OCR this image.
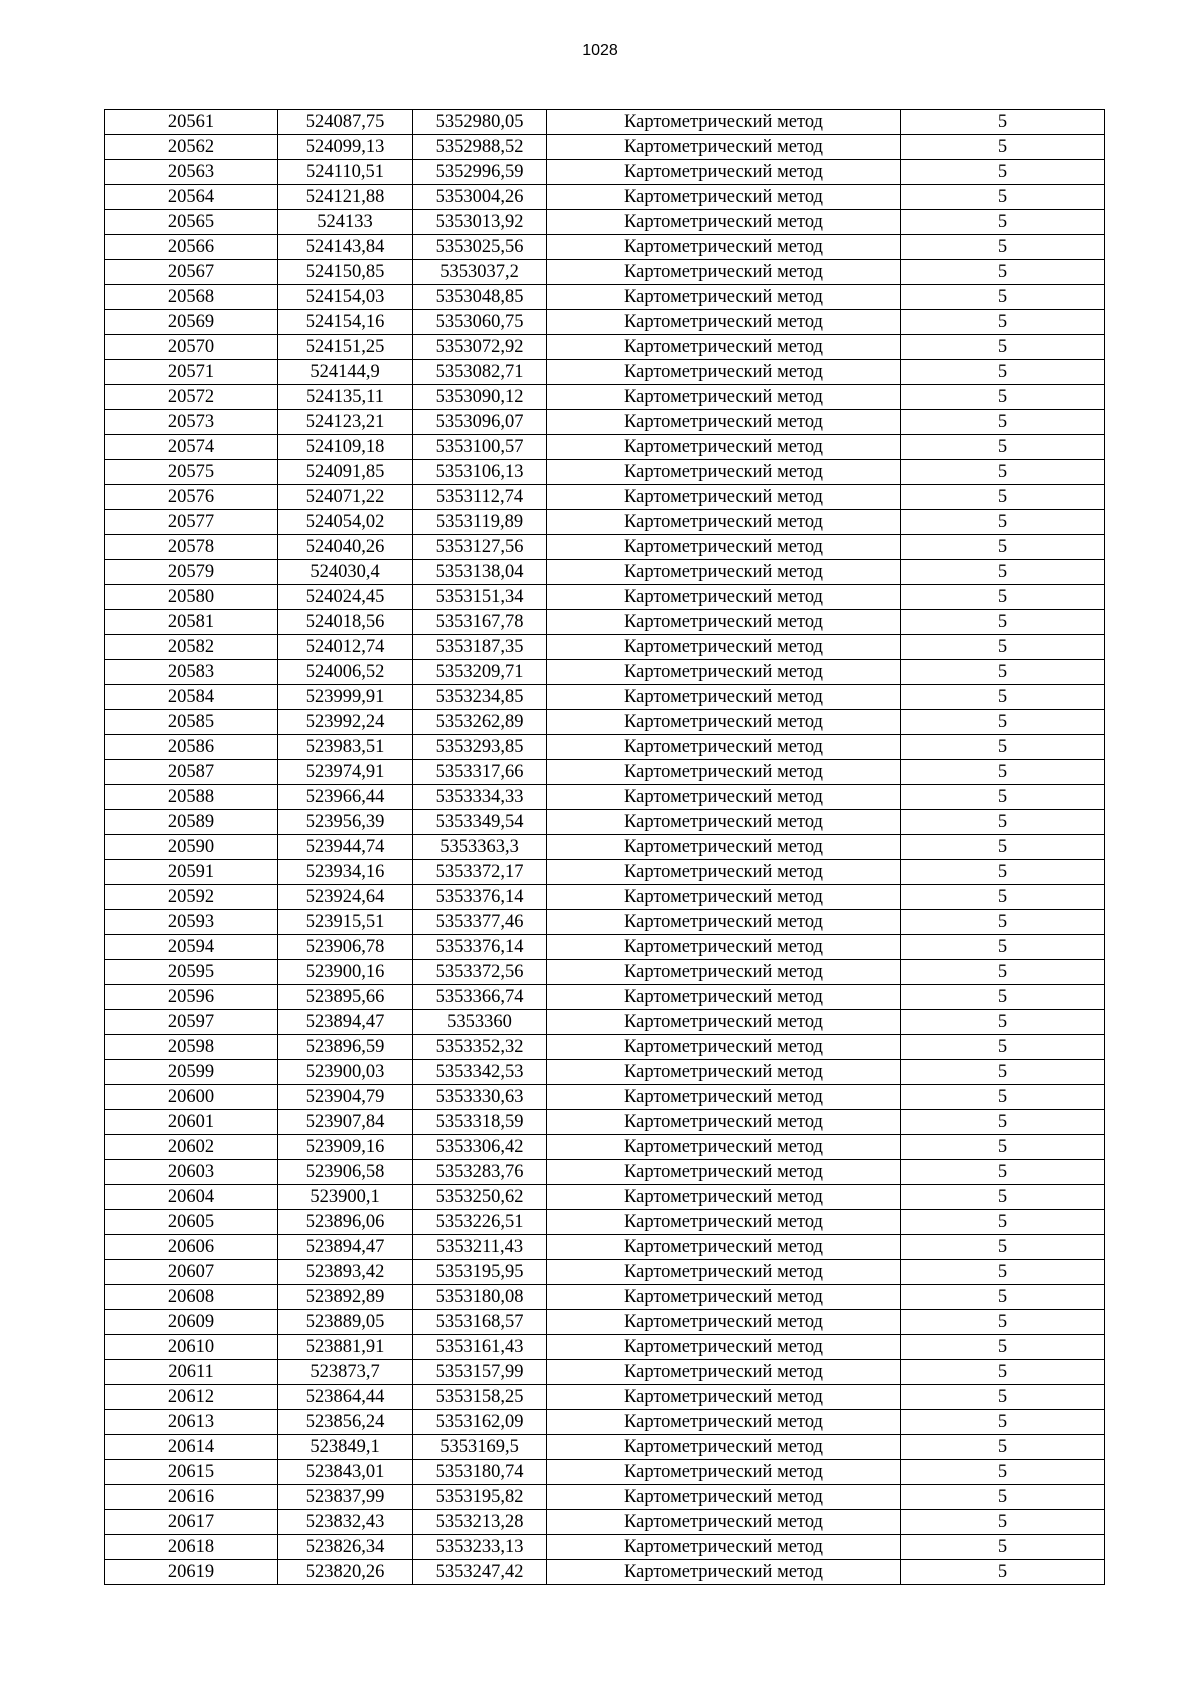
1028
20561	524087,75	5352980,05	Картометрический метод	5
20562	524099,13	5352988,52	Картометрический метод	5
20563	524110,51	5352996,59	Картометрический метод	5
20564	524121,88	5353004,26	Картометрический метод	5
20565	524133	5353013,92	Картометрический метод	5
20566	524143,84	5353025,56	Картометрический метод	5
20567	524150,85	5353037,2	Картометрический метод	5
20568	524154,03	5353048,85	Картометрический метод	5
20569	524154,16	5353060,75	Картометрический метод	5
20570	524151,25	5353072,92	Картометрический метод	5
20571	524144,9	5353082,71	Картометрический метод	5
20572	524135,11	5353090,12	Картометрический метод	5
20573	524123,21	5353096,07	Картометрический метод	5
20574	524109,18	5353100,57	Картометрический метод	5
20575	524091,85	5353106,13	Картометрический метод	5
20576	524071,22	5353112,74	Картометрический метод	5
20577	524054,02	5353119,89	Картометрический метод	5
20578	524040,26	5353127,56	Картометрический метод	5
20579	524030,4	5353138,04	Картометрический метод	5
20580	524024,45	5353151,34	Картометрический метод	5
20581	524018,56	5353167,78	Картометрический метод	5
20582	524012,74	5353187,35	Картометрический метод	5
20583	524006,52	5353209,71	Картометрический метод	5
20584	523999,91	5353234,85	Картометрический метод	5
20585	523992,24	5353262,89	Картометрический метод	5
20586	523983,51	5353293,85	Картометрический метод	5
20587	523974,91	5353317,66	Картометрический метод	5
20588	523966,44	5353334,33	Картометрический метод	5
20589	523956,39	5353349,54	Картометрический метод	5
20590	523944,74	5353363,3	Картометрический метод	5
20591	523934,16	5353372,17	Картометрический метод	5
20592	523924,64	5353376,14	Картометрический метод	5
20593	523915,51	5353377,46	Картометрический метод	5
20594	523906,78	5353376,14	Картометрический метод	5
20595	523900,16	5353372,56	Картометрический метод	5
20596	523895,66	5353366,74	Картометрический метод	5
20597	523894,47	5353360	Картометрический метод	5
20598	523896,59	5353352,32	Картометрический метод	5
20599	523900,03	5353342,53	Картометрический метод	5
20600	523904,79	5353330,63	Картометрический метод	5
20601	523907,84	5353318,59	Картометрический метод	5
20602	523909,16	5353306,42	Картометрический метод	5
20603	523906,58	5353283,76	Картометрический метод	5
20604	523900,1	5353250,62	Картометрический метод	5
20605	523896,06	5353226,51	Картометрический метод	5
20606	523894,47	5353211,43	Картометрический метод	5
20607	523893,42	5353195,95	Картометрический метод	5
20608	523892,89	5353180,08	Картометрический метод	5
20609	523889,05	5353168,57	Картометрический метод	5
20610	523881,91	5353161,43	Картометрический метод	5
20611	523873,7	5353157,99	Картометрический метод	5
20612	523864,44	5353158,25	Картометрический метод	5
20613	523856,24	5353162,09	Картометрический метод	5
20614	523849,1	5353169,5	Картометрический метод	5
20615	523843,01	5353180,74	Картометрический метод	5
20616	523837,99	5353195,82	Картометрический метод	5
20617	523832,43	5353213,28	Картометрический метод	5
20618	523826,34	5353233,13	Картометрический метод	5
20619	523820,26	5353247,42	Картометрический метод	5
